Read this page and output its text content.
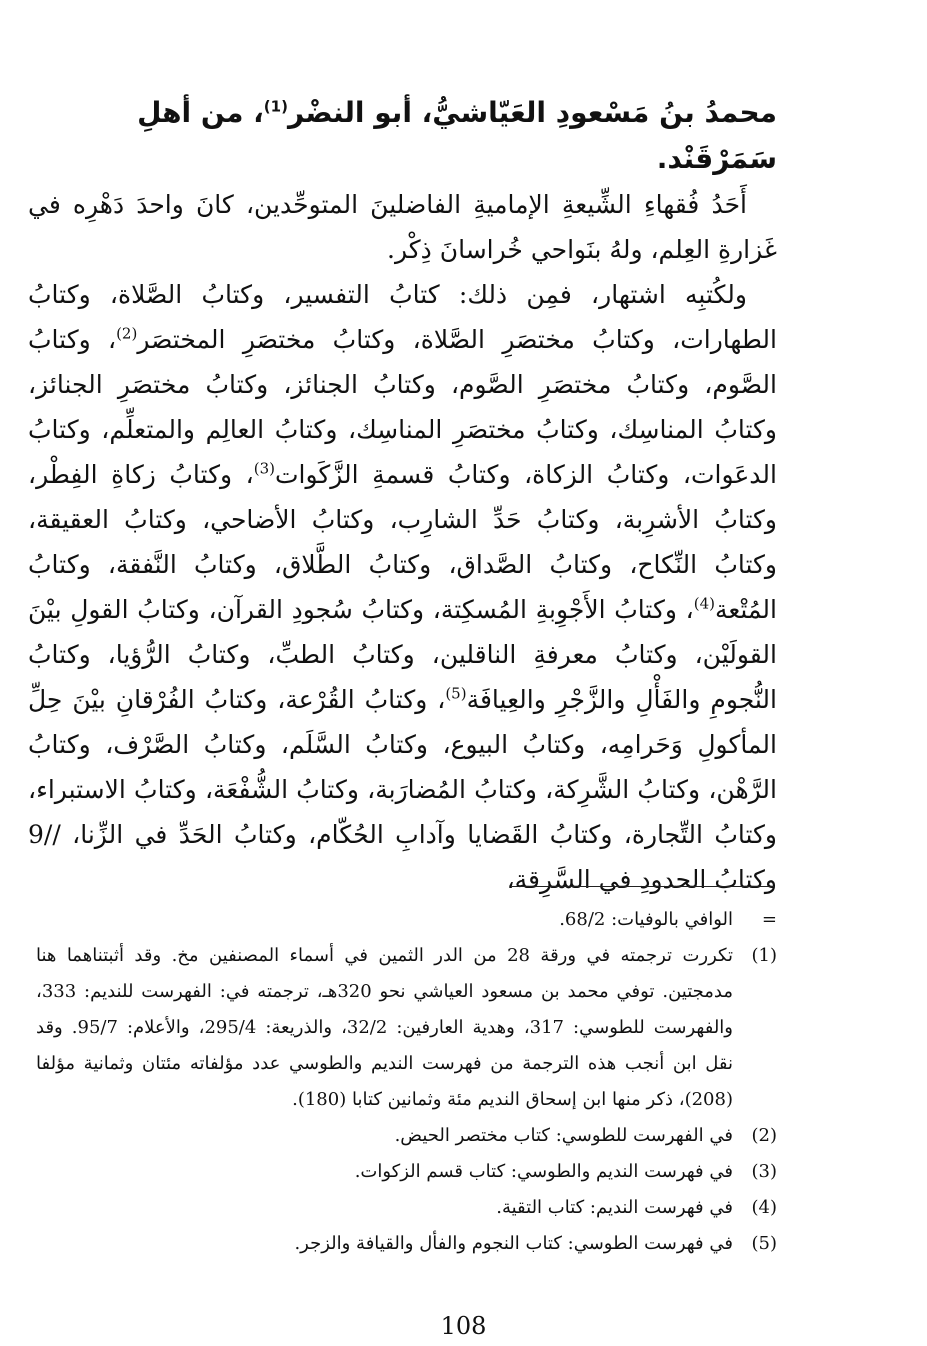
محمدُ بنُ مَسْعودِ العَيّاشيُّ، أبو النضْر$^{(1)}$، من أهلِ سَمَرْقَنْد.

أَحَدُ فُقهاءِ الشِّيعةِ الإماميةِ الفاضلينَ المتوحِّدين، كانَ واحدَ دَهْرِه في غَزارةِ العِلم، ولهُ بنَواحي خُراسانَ ذِكْر.

ولكُتبِه اشتهار، فمِن ذلك: كتابُ التفسير، وكتابُ الصَّلاة، وكتابُ الطهارات، وكتابُ مختصَرِ الصَّلاة، وكتابُ مختصَرِ المختصَر$^{(2)}$، وكتابُ الصَّوم، وكتابُ مختصَرِ الصَّوم، وكتابُ الجنائز، وكتابُ مختصَرِ الجنائز، وكتابُ المناسِك، وكتابُ مختصَرِ المناسِك، وكتابُ العالِم والمتعلِّم، وكتابُ الدعَوات، وكتابُ الزكاة، وكتابُ قسمةِ الزَّكَوات$^{(3)}$، وكتابُ زكاةِ الفِطْر، وكتابُ الأشرِبة، وكتابُ حَدِّ الشارِب، وكتابُ الأضاحي، وكتابُ العقيقة، وكتابُ النِّكاح، وكتابُ الصَّداق، وكتابُ الطَّلاق، وكتابُ النَّفقة، وكتابُ المُتْعة$^{(4)}$، وكتابُ الأَجْوِبةِ المُسكِتة، وكتابُ سُجودِ القرآن، وكتابُ القولِ بيْنَ القولَيْن، وكتابُ معرفةِ الناقلين، وكتابُ الطبِّ، وكتابُ الرُّؤيا، وكتابُ النُّجومِ والفَأْلِ والزَّجْرِ والعِيافَة$^{(5)}$، وكتابُ القُرْعة، وكتابُ الفُرْقانِ بيْنَ حِلِّ المأكولِ وَحَرامِه، وكتابُ البيوع، وكتابُ السَّلَم، وكتابُ الصَّرْف، وكتابُ الرَّهْن، وكتابُ الشَّرِكة، وكتابُ المُضارَبة، وكتابُ الشُّفْعَة، وكتابُ الاستبراء، وكتابُ التِّجارة، وكتابُ القَضايا وآدابِ الحُكّام، وكتابُ الحَدِّ في الزِّنا، //9 وكتابُ الحدودِ في السَّرِقة،

=
الوافي بالوفيات: 68/2.

(1)
تكررت ترجمته في ورقة 28 من الدر الثمين في أسماء المصنفين مخ. وقد أثبتناهما هنا مدمجتين. توفي محمد بن مسعود العياشي نحو 320هـ، ترجمته في: الفهرست للنديم: 333، والفهرست للطوسي: 317، وهدية العارفين: 32/2، والذريعة: 295/4، والأعلام: 95/7. وقد نقل ابن أنجب هذه الترجمة من فهرست النديم والطوسي عدد مؤلفاته مئتان وثمانية مؤلفا (208)، ذكر منها ابن إسحاق النديم مئة وثمانين كتابا (180).

(2)
في الفهرست للطوسي: كتاب مختصر الحيض.

(3)
في فهرست النديم والطوسي: كتاب قسم الزكوات.

(4)
في فهرست النديم: كتاب التقية.

(5)
في فهرست الطوسي: كتاب النجوم والفأل والقيافة والزجر.

108
